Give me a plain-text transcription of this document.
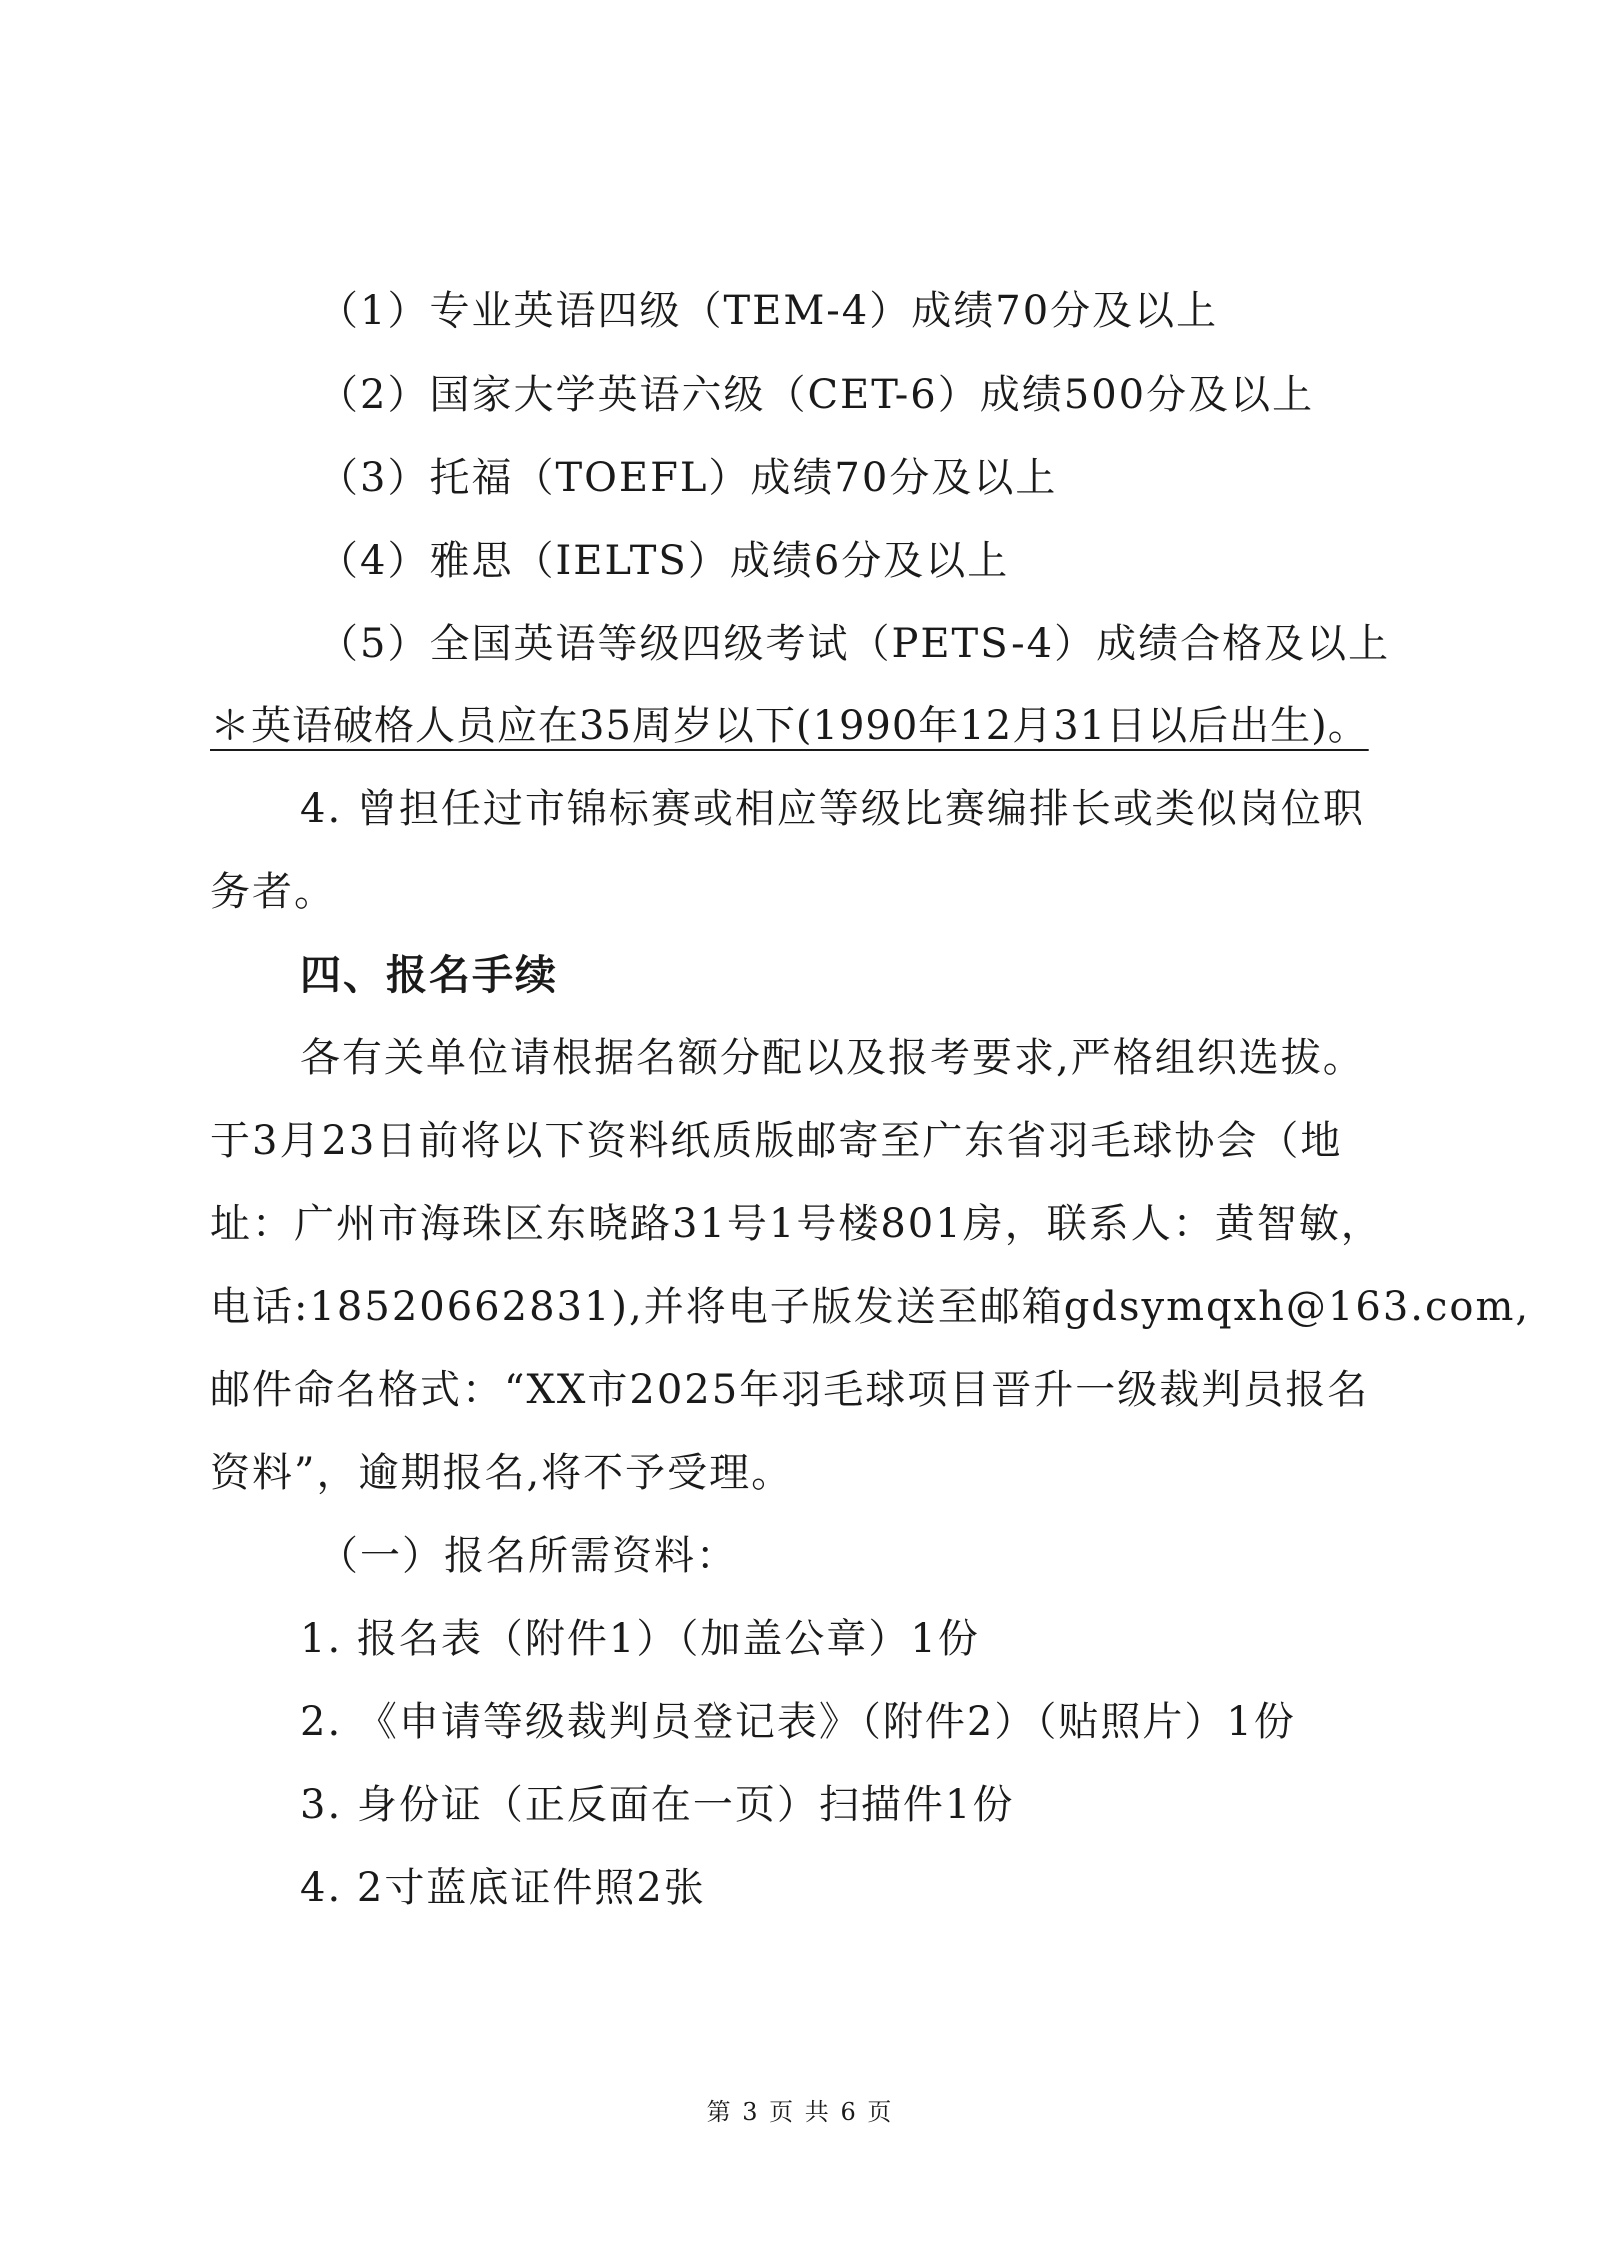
（1）专业英语四级（TEM-4）成绩70分及以上
（2）国家大学英语六级（CET-6）成绩500分及以上
（3）托福（TOEFL）成绩70分及以上
（4）雅思（IELTS）成绩6分及以上
（5）全国英语等级四级考试（PETS-4）成绩合格及以上
＊英语破格人员应在35周岁以下(1990年12月31日以后出生)。
4. 曾担任过市锦标赛或相应等级比赛编排长或类似岗位职
务者。
四、报名手续
各有关单位请根据名额分配以及报考要求,严格组织选拔。
于3月23日前将以下资料纸质版邮寄至广东省羽毛球协会（地
址：广州市海珠区东晓路31号1号楼801房，联系人：黄智敏，
电话:18520662831),并将电子版发送至邮箱gdsymqxh@163.com,
邮件命名格式：“XX市2025年羽毛球项目晋升一级裁判员报名
资料”，逾期报名,将不予受理。
（一）报名所需资料：
1. 报名表（附件1）（加盖公章）1份
2. 《申请等级裁判员登记表》（附件2）（贴照片）1份
3. 身份证（正反面在一页）扫描件1份
4. 2寸蓝底证件照2张
第 3 页 共 6 页
